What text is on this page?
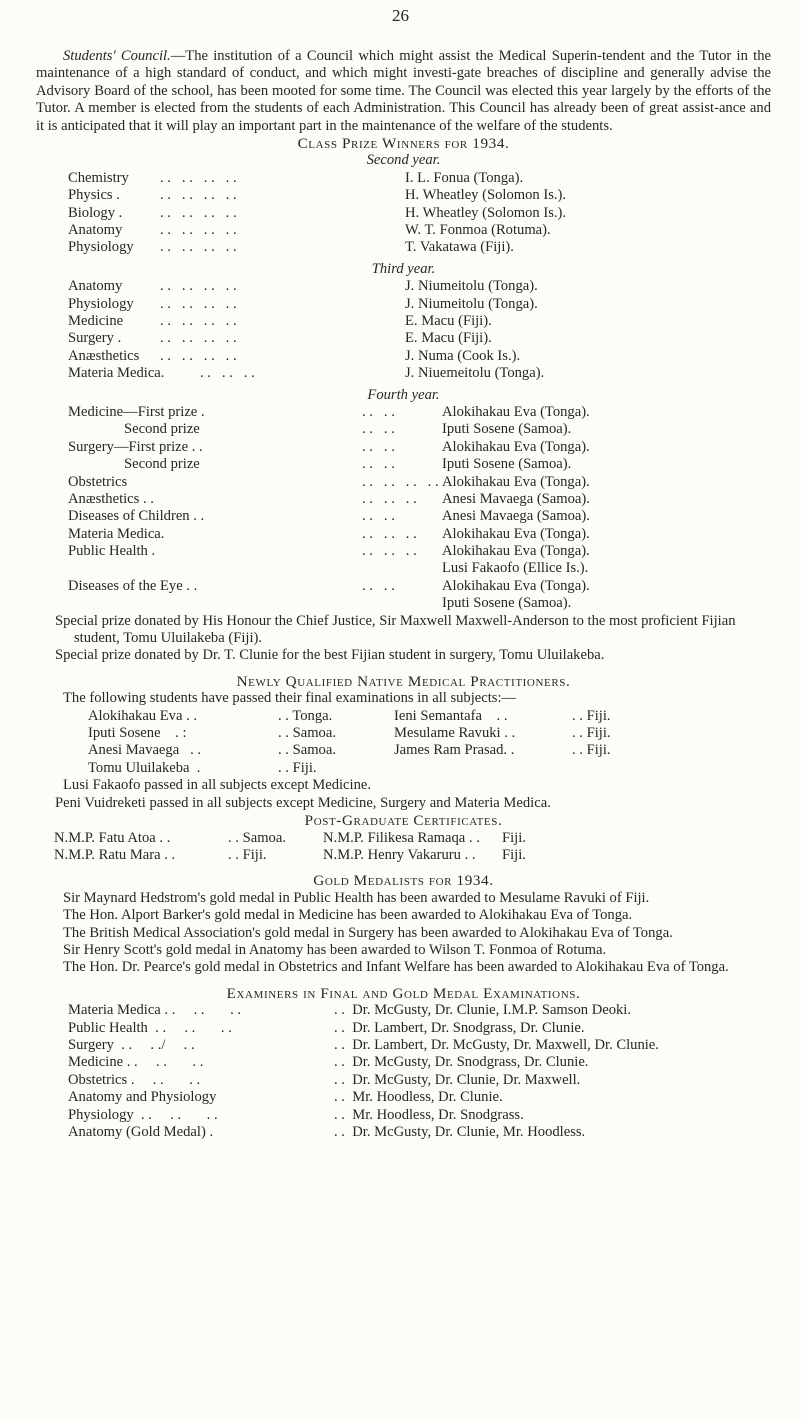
26

Students' Council.—The institution of a Council which might assist the Medical Superin-tendent and the Tutor in the maintenance of a high standard of conduct, and which might investi-gate breaches of discipline and generally advise the Advisory Board of the school, has been mooted for some time. The Council was elected this year largely by the efforts of the Tutor. A member is elected from the students of each Administration. This Council has already been of great assist-ance and it is anticipated that it will play an important part in the maintenance of the welfare of the students.

Class Prize Winners for 1934.
Second year.
Chemistry . .   . .   . .   . .	I. L. Fonua (Tonga).
Physics .	. .   . .   . .   . .	H. Wheatley (Solomon Is.).
Biology .	. .   . .   . .   . .	H. Wheatley (Solomon Is.).
Anatomy	. .   . .   . .   . .	W. T. Fonmoa (Rotuma).
Physiology . .   . .   . .   . .	T. Vakatawa (Fiji).
Third year.
Anatomy	. .   . .   . .   . .	J. Niumeitolu (Tonga).
Physiology . .   . .   . .   . .	J. Niumeitolu (Tonga).
Medicine	. .   . .   . .   . .	E. Macu (Fiji).
Surgery .	. .   . .   . .   . .	E. Macu (Fiji).
Anæsthetics . .   . .   . .   . .	J. Numa (Cook Is.).
Materia Medica. . .   . .   . .	J. Niuemeitolu (Tonga).
Fourth year.
Medicine—First prize .	. .   . .	Alokihakau Eva (Tonga).
Second prize	. .   . .	Iputi Sosene (Samoa).
Surgery—First prize . .	. .   . .	Alokihakau Eva (Tonga).
Second prize	. .   . .	Iputi Sosene (Samoa).
Obstetrics	. .   . .   . .   . . Alokihakau Eva (Tonga).
Anæsthetics . .	. .   . .   . . Anesi Mavaega (Samoa).
Diseases of Children . .	. .   . .	Anesi Mavaega (Samoa).
Materia Medica.	. .   . .   . . Alokihakau Eva (Tonga).
Public Health .	. .   . .   . . Alokihakau Eva (Tonga).
Lusi Fakaofo (Ellice Is.).
Diseases of the Eye . .	. .   . .	Alokihakau Eva (Tonga).
Iputi Sosene (Samoa).

Special prize donated by His Honour the Chief Justice, Sir Maxwell Maxwell-Anderson to the most proficient Fijian student, Tomu Uluilakeba (Fiji).

Special prize donated by Dr. T. Clunie for the best Fijian student in surgery, Tomu Uluilakeba.

Newly Qualified Native Medical Practitioners.

The following students have passed their final examinations in all subjects:—

Alokihakau Eva . .	. . Tonga.	Ieni Semantafa    . .	. . Fiji.
Iputi Sosene    . :	. . Samoa.	Mesulame Ravuki . .	. . Fiji.
Anesi Mavaega   . .	. . Samoa.	James Ram Prasad. .	. . Fiji.
Tomu Uluilakeba  .	. . Fiji.

Lusi Fakaofo passed in all subjects except Medicine.

Peni Vuidreketi passed in all subjects except Medicine, Surgery and Materia Medica.

Post-Graduate Certificates.
N.M.P. Fatu Atoa . .	. . Samoa.	N.M.P. Filikesa Ramaqa . .	Fiji.
N.M.P. Ratu Mara . .	. . Fiji.	N.M.P. Henry Vakaruru . .	Fiji.
Gold Medalists for 1934.

Sir Maynard Hedstrom's gold medal in Public Health has been awarded to Mesulame Ravuki of Fiji.

The Hon. Alport Barker's gold medal in Medicine has been awarded to Alokihakau Eva of Tonga.

The British Medical Association's gold medal in Surgery has been awarded to Alokihakau Eva of Tonga.

Sir Henry Scott's gold medal in Anatomy has been awarded to Wilson T. Fonmoa of Rotuma.

The Hon. Dr. Pearce's gold medal in Obstetrics and Infant Welfare has been awarded to Alokihakau Eva of Tonga.

Examiners in Final and Gold Medal Examinations.
Materia Medica . .     . .       . .	. .  Dr. McGusty, Dr. Clunie, I.M.P. Samson Deoki.
Public Health  . .     . .       . .	. .  Dr. Lambert, Dr. Snodgrass, Dr. Clunie.
Surgery  . .     . ./     . .	. .  Dr. Lambert, Dr. McGusty, Dr. Maxwell, Dr. Clunie.
Medicine . .     . .       . .	. .  Dr. McGusty, Dr. Snodgrass, Dr. Clunie.
Obstetrics .     . .       . .	. .  Dr. McGusty, Dr. Clunie, Dr. Maxwell.
Anatomy and Physiology	. .  Mr. Hoodless, Dr. Clunie.
Physiology  . .     . .       . .	. .  Mr. Hoodless, Dr. Snodgrass.
Anatomy (Gold Medal) .	. .  Dr. McGusty, Dr. Clunie, Mr. Hoodless.
